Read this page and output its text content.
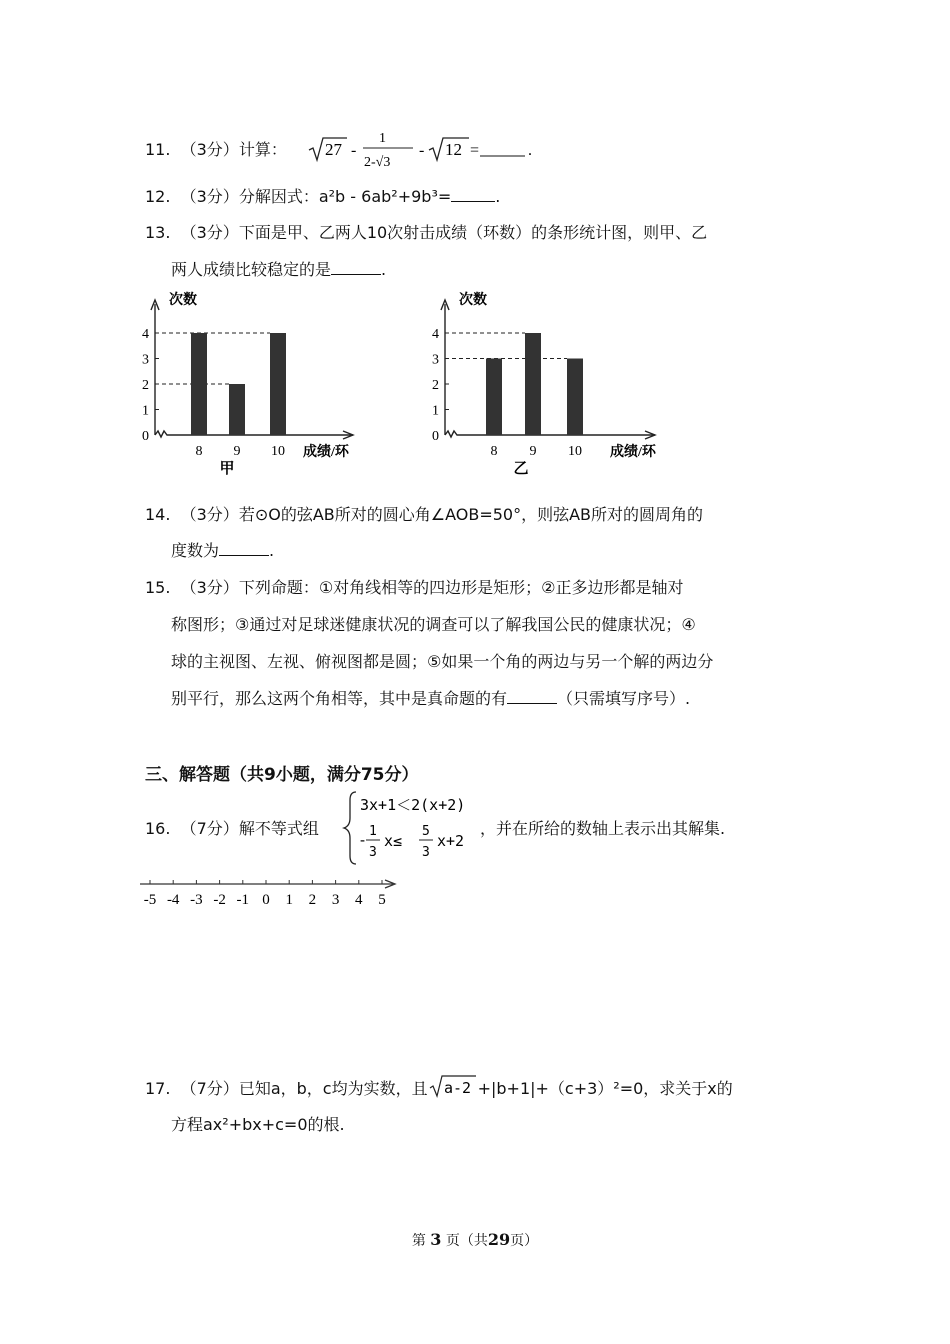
11. （3分）计算： 27 -
1
2-√3
- 12 =	.
12. （3分）分解因式：a²b - 6ab²+9b³=	.
13. （3分）下面是甲、乙两人10次射击成绩（环数）的条形统计图，则甲、乙
两人成绩比较稳定的是	.
0
1
2
3
4
8 9 10
次数
成绩/环
甲
0
1
2
3
4
8 9 10
次数
成绩/环
乙
14. （3分）若⊙O的弦AB所对的圆心角∠AOB=50°，则弦AB所对的圆周角的
度数为	.
15. （3分）下列命题：①对角线相等的四边形是矩形；②正多边形都是轴对
称图形；③通过对足球迷健康状况的调查可以了解我国公民的健康状况；④
球的主视图、左视、俯视图都是圆；⑤如果一个角的两边与另一个解的两边分
别平行，那么这两个角相等，其中是真命题的有	（只需填写序号）.
三、解答题（共9小题，满分75分）
16. （7分）解不等式组
3x+1＜2(x+2)
- 1
3
x≤
5
3
x+2
，并在所给的数轴上表示出其解集.
-5 -4 -3 -2 -1 0 1 2 3 4 5
17. （7分）已知a，b，c均为实数，且 a-2 +|b+1|+（c+3）²=0，求关于x的
方程ax²+bx+c=0的根.
第 3 页（共29页）
